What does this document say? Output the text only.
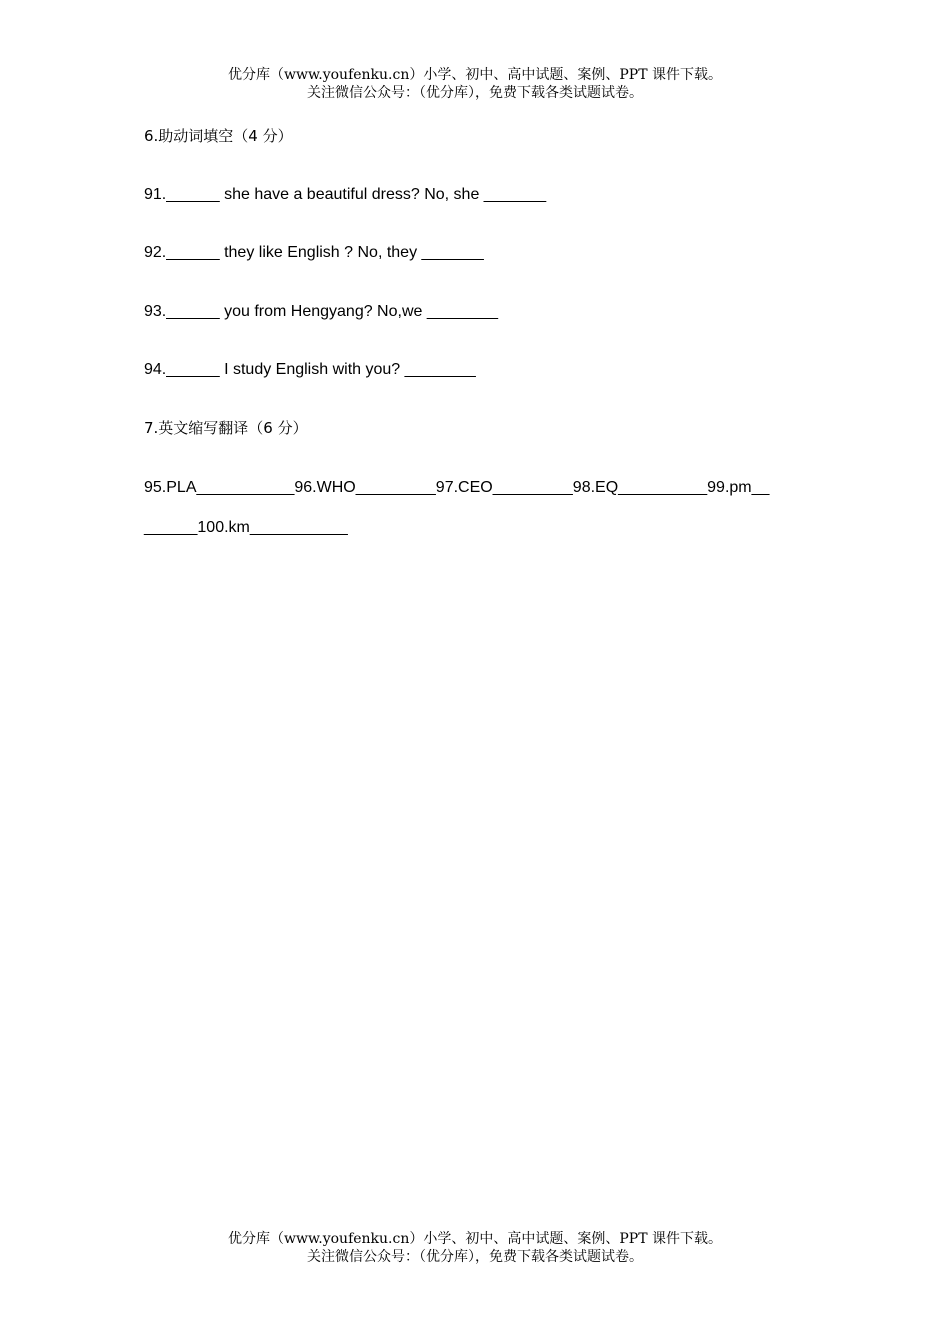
优分库（www.youfenku.cn）小学、初中、高中试题、案例、PPT 课件下载。
关注微信公众号：（优分库），免费下载各类试题试卷。
6.助动词填空（4 分）
91.______ she have a beautiful dress? No, she _______
92.______ they like English ? No, they _______
93.______ you from Hengyang? No,we ________
94.______ I study English with you? ________
7.英文缩写翻译（6 分）
95.PLA___________96.WHO_________97.CEO_________98.EQ__________99.pm__
______100.km___________
优分库（www.youfenku.cn）小学、初中、高中试题、案例、PPT 课件下载。
关注微信公众号：（优分库），免费下载各类试题试卷。
